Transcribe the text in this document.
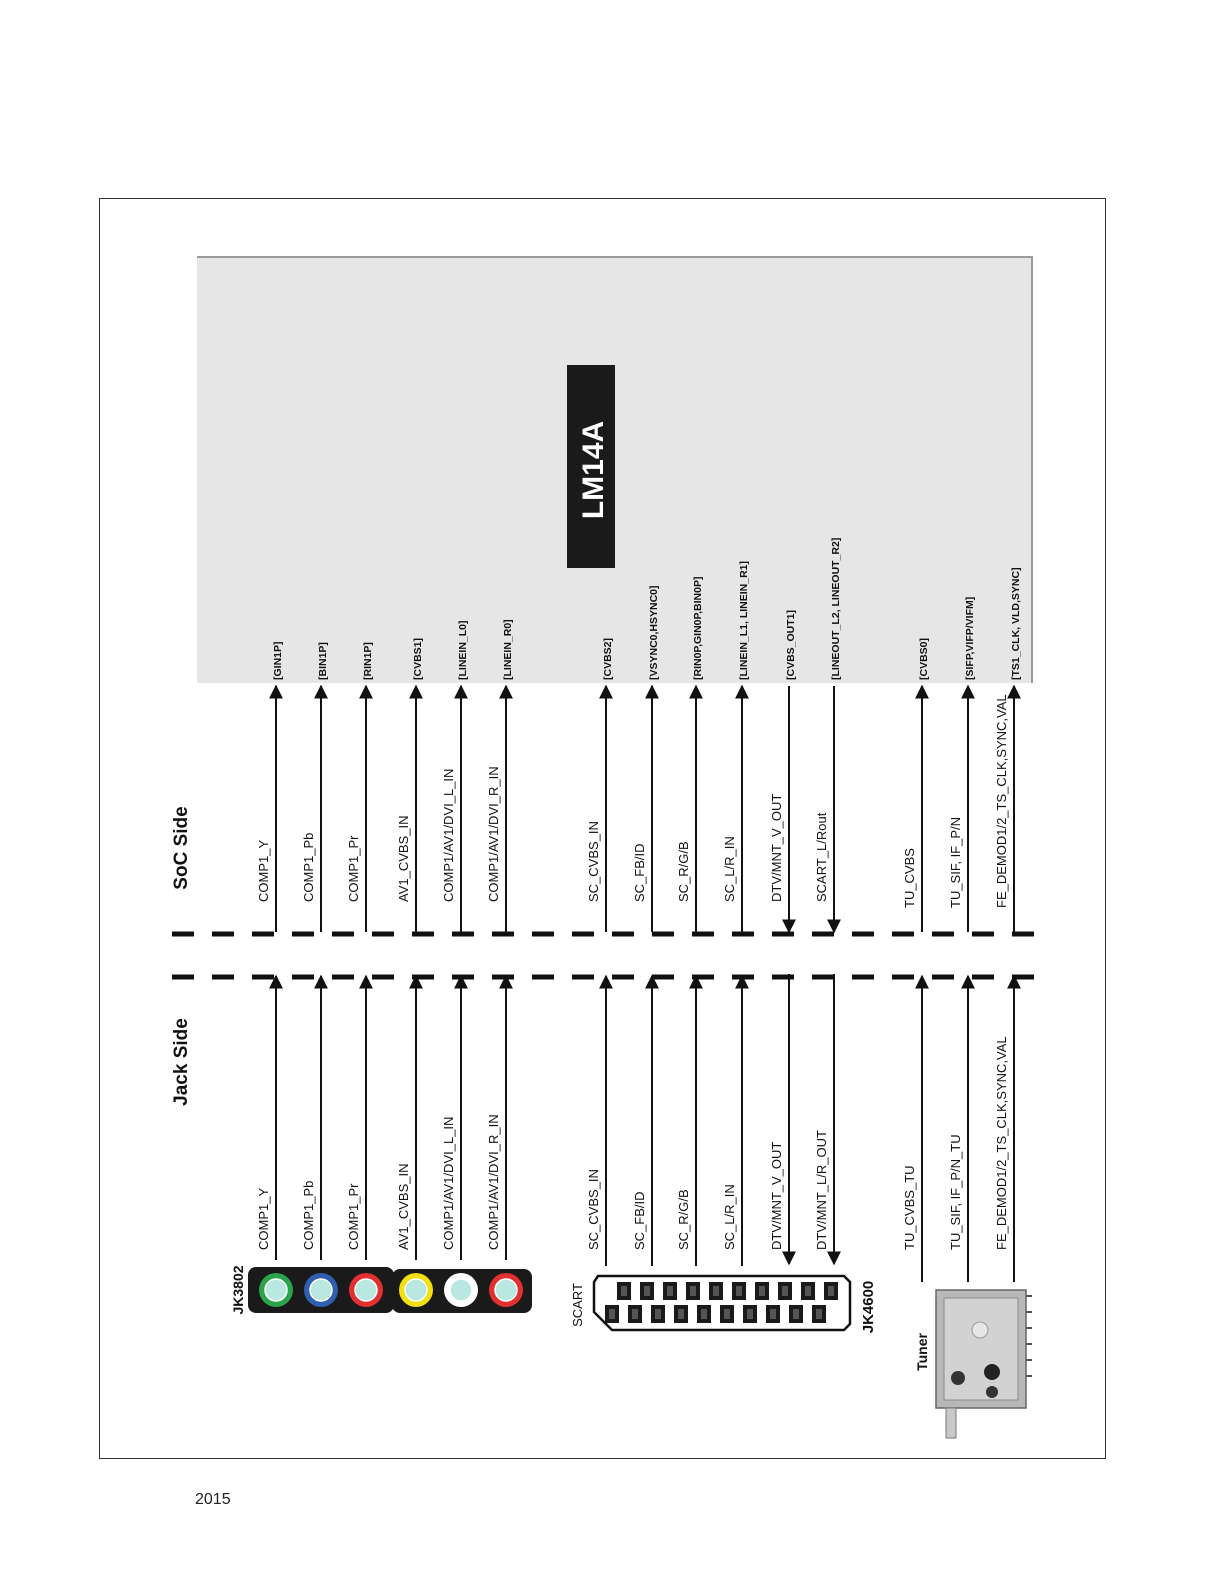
LM14A
SoC Side
Jack Side
[GIN1P]
COMP1_Y
COMP1_Y
[BIN1P]
COMP1_Pb
COMP1_Pb
[RIN1P]
COMP1_Pr
COMP1_Pr
[CVBS1]
AV1_CVBS_IN
AV1_CVBS_IN
[LINEIN_L0]
COMP1/AV1/DVI_L_IN
COMP1/AV1/DVI_L_IN
[LINEIN_R0]
COMP1/AV1/DVI_R_IN
COMP1/AV1/DVI_R_IN
[CVBS2]
SC_CVBS_IN
SC_CVBS_IN
[VSYNC0,HSYNC0]
SC_FB/ID
SC_FB/ID
[RIN0P,GIN0P,BIN0P]
SC_R/G/B
SC_R/G/B
[LINEIN_L1, LINEIN_R1]
SC_L/R_IN
SC_L/R_IN
[CVBS_OUT1]
DTV/MNT_V_OUT
DTV/MNT_V_OUT
[LINEOUT_L2, LINEOUT_R2]
SCART_L/Rout
DTV/MNT_L/R_OUT
[CVBS0]
TU_CVBS
TU_CVBS_TU
[SIFP,VIFP/VIFM]
TU_SIF, IF_P/N
TU_SIF, IF_P/N_TU
[TS1_CLK, VLD,SYNC]
FE_DEMOD1/2_TS_CLK,SYNC,VAL
FE_DEMOD1/2_TS_CLK,SYNC,VAL
JK3802	SCART	JK4600
Tuner
2015
